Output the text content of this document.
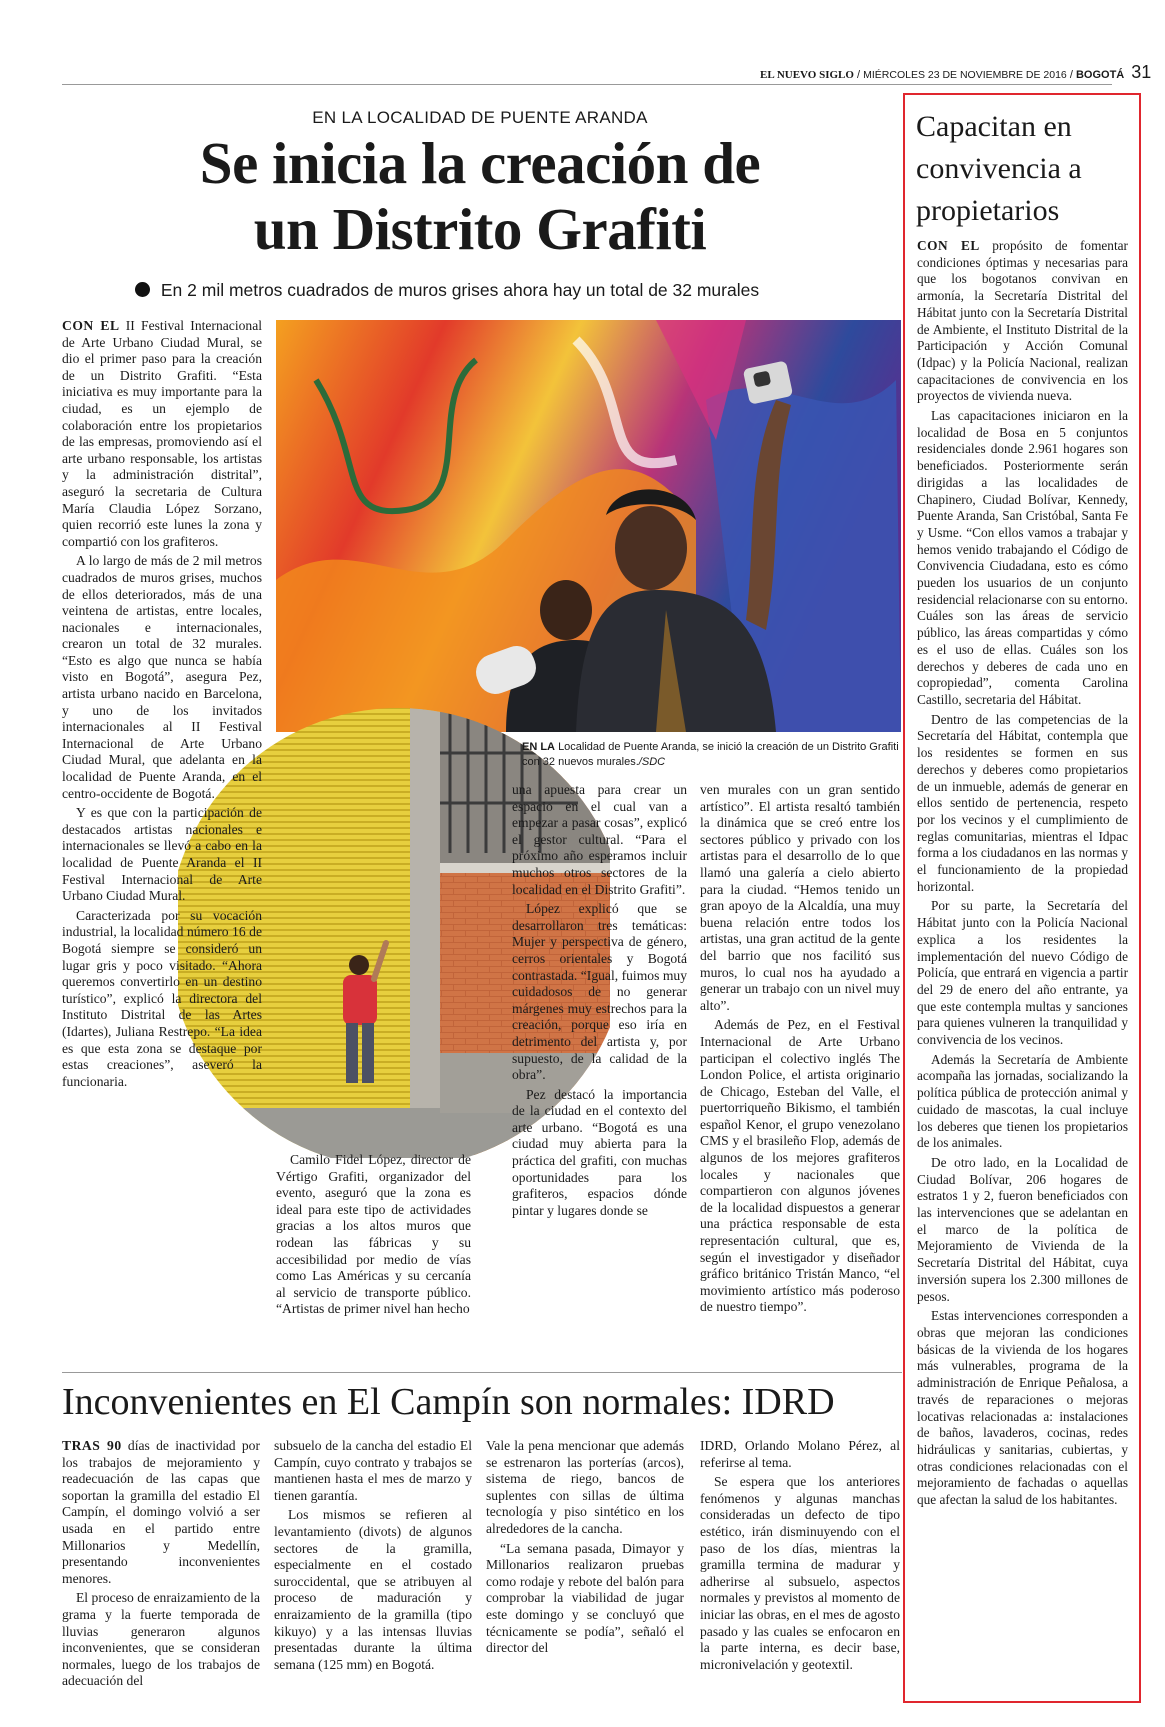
EL NUEVO SIGLO / MIÉRCOLES 23 DE NOVIEMBRE DE 2016 / BOGOTÁ 31
EN LA LOCALIDAD DE PUENTE ARANDA
Se inicia la creación de
un Distrito Grafiti
En 2 mil metros cuadrados de muros grises ahora hay un total de 32 murales
EN LA Localidad de Puente Aranda, se inició la creación de un Distrito Grafiti con 32 nuevos murales./SDC

CON EL II Festival Internacional de Arte Urbano Ciudad Mural, se dio el primer paso para la creación de un Distrito Grafiti. “Esta iniciativa es muy importante para la ciudad, es un ejemplo de colaboración entre los propietarios de las empresas, promoviendo así el arte urbano responsable, los artistas y la administración distrital”, aseguró la secretaria de Cultura María Claudia López Sorzano, quien recorrió este lunes la zona y compartió con los grafiteros.

A lo largo de más de 2 mil metros cuadrados de muros grises, muchos de ellos deteriorados, más de una veintena de artistas, entre locales, nacionales e internacionales, crearon un total de 32 murales. “Esto es algo que nunca se había visto en Bogotá”, asegura Pez, artista urbano nacido en Barcelona, y uno de los invitados internacionales al II Festival Internacional de Arte Urbano Ciudad Mural, que adelanta en la localidad de Puente Aranda, en el centro-occidente de Bogotá.

Y es que con la participación de destacados artistas nacionales e internacionales se llevó a cabo en la localidad de Puente Aranda el II Festival Internacional de Arte Urbano Ciudad Mural.

Caracterizada por su vocación industrial, la localidad número 16 de Bogotá siempre se consideró un lugar gris y poco visitado. “Ahora queremos convertirlo en un destino turístico”, explicó la directora del Instituto Distrital de las Artes (Idartes), Juliana Restrepo. “La idea es que esta zona se destaque por estas creaciones”, aseveró la funcionaria.

Camilo Fidel López, director de Vértigo Grafiti, organizador del evento, aseguró que la zona es ideal para este tipo de actividades gracias a los altos muros que rodean las fábricas y su accesibilidad por medio de vías como Las Américas y su cercanía al servicio de transporte público. “Artistas de primer nivel han hecho

una apuesta para crear un espacio en el cual van a empezar a pasar cosas”, explicó el gestor cultural. “Para el próximo año esperamos incluir muchos otros sectores de la localidad en el Distrito Grafiti”.

López explicó que se desarrollaron tres temáticas: Mujer y perspectiva de género, cerros orientales y Bogotá contrastada. “Igual, fuimos muy cuidadosos de no generar márgenes muy estrechos para la creación, porque eso iría en detrimento del artista y, por supuesto, de la calidad de la obra”.

Pez destacó la importancia de la ciudad en el contexto del arte urbano. “Bogotá es una ciudad muy abierta para la práctica del grafiti, con muchas oportunidades para los grafiteros, espacios dónde pintar y lugares donde se

ven murales con un gran sentido artístico”. El artista resaltó también la dinámica que se creó entre los sectores público y privado con los artistas para el desarrollo de lo que llamó una galería a cielo abierto para la ciudad. “Hemos tenido un gran apoyo de la Alcaldía, una muy buena relación entre todos los artistas, una gran actitud de la gente del barrio que nos facilitó sus muros, lo cual nos ha ayudado a generar un trabajo con un nivel muy alto”.

Además de Pez, en el Festival Internacional de Arte Urbano participan el colectivo inglés The London Police, el artista originario de Chicago, Esteban del Valle, el puertorriqueño Bikismo, el también español Kenor, el grupo venezolano CMS y el brasileño Flop, además de algunos de los mejores grafiteros locales y nacionales que compartieron con algunos jóvenes de la localidad dispuestos a generar una práctica responsable de esta representación cultural, que es, según el investigador y diseñador gráfico británico Tristán Manco, “el movimiento artístico más poderoso de nuestro tiempo”.

Inconvenientes en El Campín son normales: IDRD

TRAS 90 días de inactividad por los trabajos de mejoramiento y readecuación de las capas que soportan la gramilla del estadio El Campín, el domingo volvió a ser usada en el partido entre Millonarios y Medellín, presentando inconvenientes menores.

El proceso de enraizamiento de la grama y la fuerte temporada de lluvias generaron algunos inconvenientes, que se consideran normales, luego de los trabajos de adecuación del

subsuelo de la cancha del estadio El Campín, cuyo contrato y trabajos se mantienen hasta el mes de marzo y tienen garantía.

Los mismos se refieren al levantamiento (divots) de algunos sectores de la gramilla, especialmente en el costado suroccidental, que se atribuyen al proceso de maduración y enraizamiento de la gramilla (tipo kikuyo) y a las intensas lluvias presentadas durante la última semana (125 mm) en Bogotá.

Vale la pena mencionar que además se estrenaron las porterías (arcos), sistema de riego, bancos de suplentes con sillas de última tecnología y piso sintético en los alrededores de la cancha.

“La semana pasada, Dimayor y Millonarios realizaron pruebas como rodaje y rebote del balón para comprobar la viabilidad de jugar este domingo y se concluyó que técnicamente se podía”, señaló el director del

IDRD, Orlando Molano Pérez, al referirse al tema.

Se espera que los anteriores fenómenos y algunas manchas consideradas un defecto de tipo estético, irán disminuyendo con el paso de los días, mientras la gramilla termina de madurar y adherirse al subsuelo, aspectos normales y previstos al momento de iniciar las obras, en el mes de agosto pasado y las cuales se enfocaron en la parte interna, es decir base, micronivelación y geotextil.

Capacitan en
convivencia a
propietarios

CON EL propósito de fomentar condiciones óptimas y necesarias para que los bogotanos convivan en armonía, la Secretaría Distrital del Hábitat junto con la Secretaría Distrital de Ambiente, el Instituto Distrital de la Participación y Acción Comunal (Idpac) y la Policía Nacional, realizan capacitaciones de convivencia en los proyectos de vivienda nueva.

Las capacitaciones iniciaron en la localidad de Bosa en 5 conjuntos residenciales donde 2.961 hogares son beneficiados. Posteriormente serán dirigidas a las localidades de Chapinero, Ciudad Bolívar, Kennedy, Puente Aranda, San Cristóbal, Santa Fe y Usme. “Con ellos vamos a trabajar y hemos venido trabajando el Código de Convivencia Ciudadana, esto es cómo pueden los usuarios de un conjunto residencial relacionarse con su entorno. Cuáles son las áreas de servicio público, las áreas compartidas y cómo es el uso de ellas. Cuáles son los derechos y deberes de cada uno en copropiedad”, comenta Carolina Castillo, secretaria del Hábitat.

Dentro de las competencias de la Secretaría del Hábitat, contempla que los residentes se formen en sus derechos y deberes como propietarios de un inmueble, además de generar en ellos sentido de pertenencia, respeto por los vecinos y el cumplimiento de reglas comunitarias, mientras el Idpac forma a los ciudadanos en las normas y el funcionamiento de la propiedad horizontal.

Por su parte, la Secretaría del Hábitat junto con la Policía Nacional explica a los residentes la implementación del nuevo Código de Policía, que entrará en vigencia a partir del 29 de enero del año entrante, ya que este contempla multas y sanciones para quienes vulneren la tranquilidad y convivencia de los vecinos.

Además la Secretaría de Ambiente acompaña las jornadas, socializando la política pública de protección animal y cuidado de mascotas, la cual incluye los deberes que tienen los propietarios de los animales.

De otro lado, en la Localidad de Ciudad Bolívar, 206 hogares de estratos 1 y 2, fueron beneficiados con las intervenciones que se adelantan en el marco de la política de Mejoramiento de Vivienda de la Secretaría Distrital del Hábitat, cuya inversión supera los 2.300 millones de pesos.

Estas intervenciones corresponden a obras que mejoran las condiciones básicas de la vivienda de los hogares más vulnerables, programa de la administración de Enrique Peñalosa, a través de reparaciones o mejoras locativas relacionadas a: instalaciones de baños, lavaderos, cocinas, redes hidráulicas y sanitarias, cubiertas, y otras condiciones relacionadas con el mejoramiento de fachadas o aquellas que afectan la salud de los habitantes.
